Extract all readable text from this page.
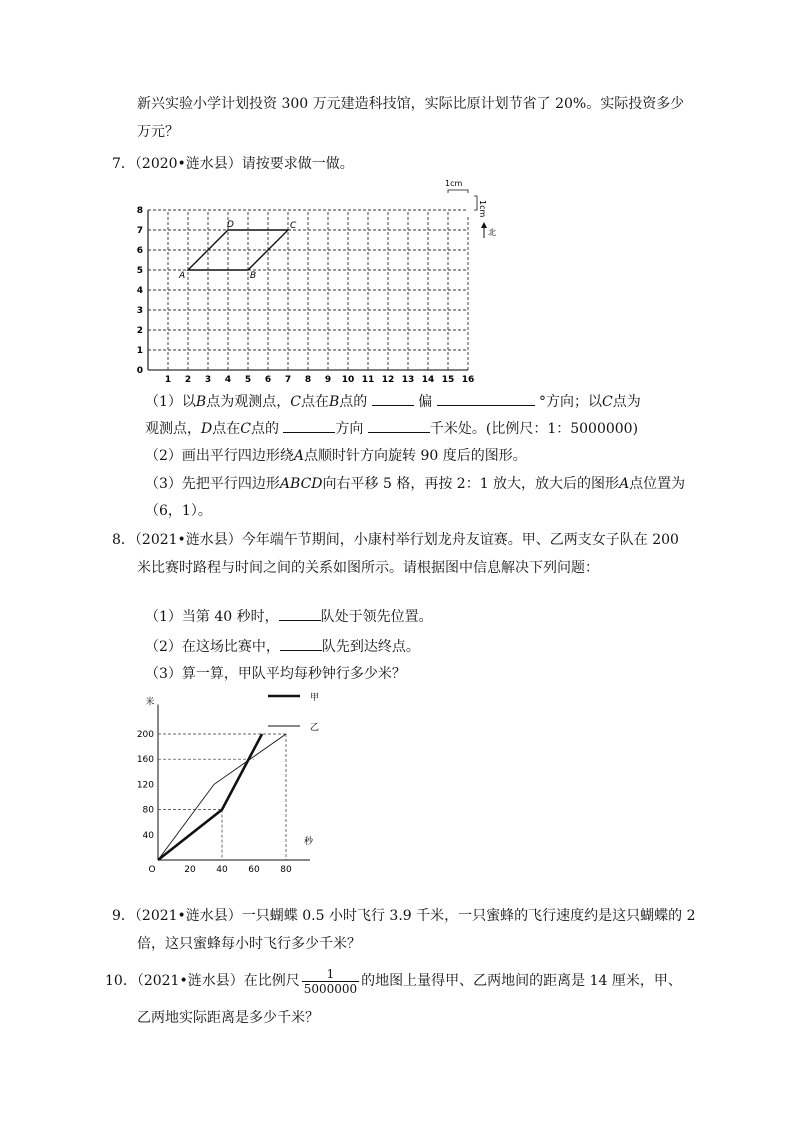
新兴实验小学计划投资 300 万元建造科技馆，实际比原计划节省了 20%。实际投资多少
万元？
7．（2020•涟水县）请按要求做一做。
1 2 3 4 5 6 7 8 9 10 11 12 13 14 15 16
0
1
2
3
4
5
6
7
8
A	B
C
D
1cm
1cm
北
（1）以B点为观测点，C点在B点的	偏	°方向；以C点为
观测点，D点在C点的	方向	千米处。(比例尺：1：5000000)
（2）画出平行四边形绕A点顺时针方向旋转 90 度后的图形。
（3）先把平行四边形ABCD向右平移 5 格，再按 2：1 放大，放大后的图形A点位置为
（6，1）。
8．（2021•涟水县）今年端午节期间，小康村举行划龙舟友谊赛。甲、乙两支女子队在 200
米比赛时路程与时间之间的关系如图所示。请根据图中信息解决下列问题：
（1）当第 40 秒时，	队处于领先位置。
（2）在这场比赛中，	队先到达终点。
（3）算一算，甲队平均每秒钟行多少米？
米
秒
O	20 40 60 80
40
80
120
160
200
甲
乙
9．（2021•涟水县）一只蝴蝶 0.5 小时飞行 3.9 千米，一只蜜蜂的飞行速度约是这只蝴蝶的 2
倍，这只蜜蜂每小时飞行多少千米？
10．（2021•涟水县）在比例尺 $\frac{1}{5000000}$ 的地图上量得甲、乙两地间的距离是 14 厘米，甲、
乙两地实际距离是多少千米？
